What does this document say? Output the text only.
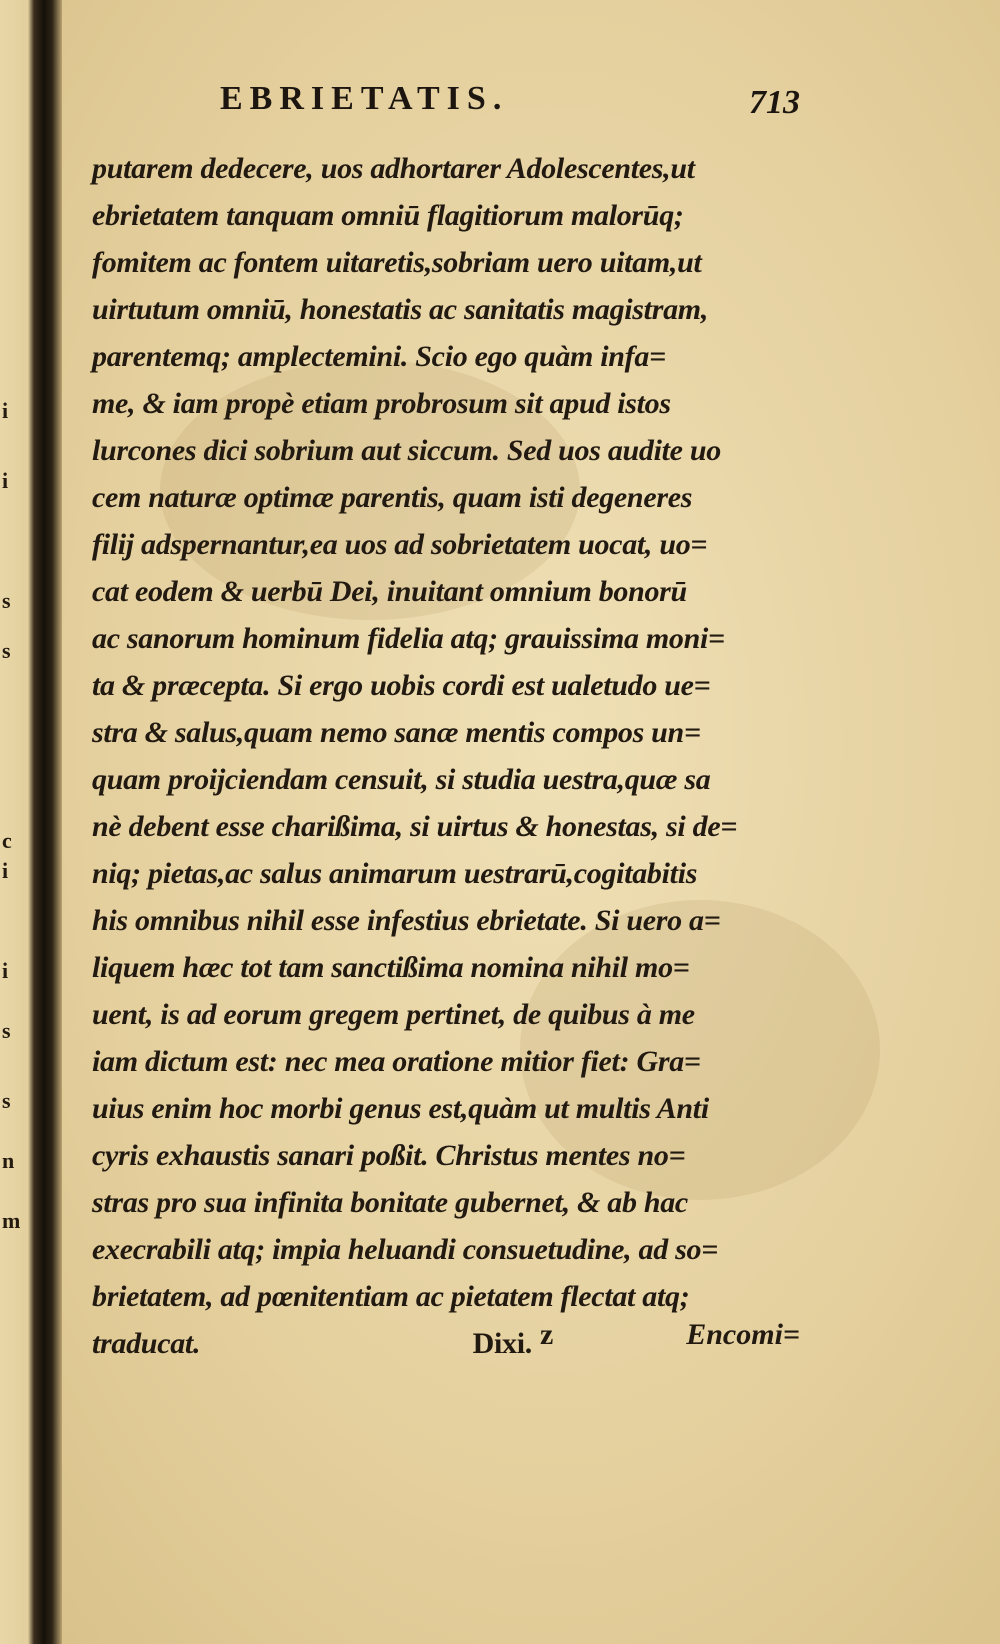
i
i
s
s
c
i
i
s
s
n
m
EBRIETATIS.	713
putarem dedecere, uos adhortarer Adolescentes,ut
ebrietatem tanquam omniū flagitiorum malorūq;
fomitem ac fontem uitaretis,sobriam uero uitam,ut
uirtutum omniū, honestatis ac sanitatis magistram,
parentemq; amplectemini. Scio ego quàm infa=
me, & iam propè etiam probrosum sit apud istos
lurcones dici sobrium aut siccum. Sed uos audite uo
cem naturæ optimæ parentis, quam isti degeneres
filij adspernantur,ea uos ad sobrietatem uocat, uo=
cat eodem & uerbū Dei, inuitant omnium bonorū
ac sanorum hominum fidelia atq; grauissima moni=
ta & præcepta. Si ergo uobis cordi est ualetudo ue=
stra & salus,quam nemo sanæ mentis compos un=
quam proijciendam censuit, si studia uestra,quæ sa
nè debent esse charißima, si uirtus & honestas, si de=
niq; pietas,ac salus animarum uestrarū,cogitabitis
his omnibus nihil esse infestius ebrietate. Si uero a=
liquem hæc tot tam sanctißima nomina nihil mo=
uent, is ad eorum gregem pertinet, de quibus à me
iam dictum est: nec mea oratione mitior fiet: Gra=
uius enim hoc morbi genus est,quàm ut multis Anti
cyris exhaustis sanari poßit. Christus mentes no=
stras pro sua infinita bonitate gubernet, & ab hac
execrabili atq; impia heluandi consuetudine, ad so=
brietatem, ad pœnitentiam ac pietatem flectat atq;
traducat.	Dixi. z	Encomi=
